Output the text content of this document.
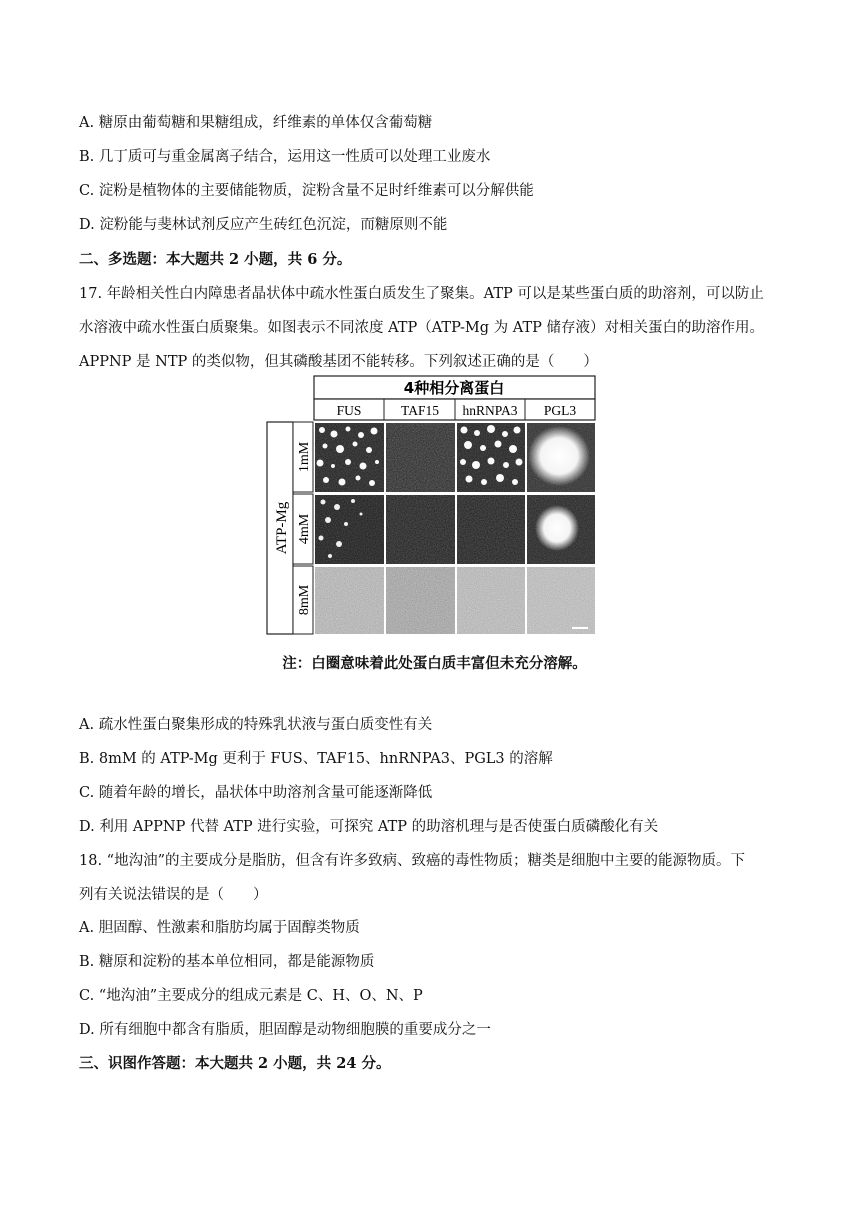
A. 糖原由葡萄糖和果糖组成，纤维素的单体仅含葡萄糖
B. 几丁质可与重金属离子结合，运用这一性质可以处理工业废水
C. 淀粉是植物体的主要储能物质，淀粉含量不足时纤维素可以分解供能
D. 淀粉能与斐林试剂反应产生砖红色沉淀，而糖原则不能
二、多选题：本大题共 2 小题，共 6 分。
17. 年龄相关性白内障患者晶状体中疏水性蛋白质发生了聚集。ATP 可以是某些蛋白质的助溶剂，可以防止
水溶液中疏水性蛋白质聚集。如图表示不同浓度 ATP（ATP-Mg 为 ATP 储存液）对相关蛋白的助溶作用。
APPNP 是 NTP 的类似物，但其磷酸基团不能转移。下列叙述正确的是（　　）
4种相分离蛋白
FUS	TAF15 hnRNPA3 PGL3
ATP-Mg
1mM
4mM
8mM
注：白圈意味着此处蛋白质丰富但未充分溶解。
A. 疏水性蛋白聚集形成的特殊乳状液与蛋白质变性有关
B. 8mM 的 ATP-Mg 更利于 FUS、TAF15、hnRNPA3、PGL3 的溶解
C. 随着年龄的增长，晶状体中助溶剂含量可能逐渐降低
D. 利用 APPNP 代替 ATP 进行实验，可探究 ATP 的助溶机理与是否使蛋白质磷酸化有关
18. “地沟油”的主要成分是脂肪，但含有许多致病、致癌的毒性物质；糖类是细胞中主要的能源物质。下
列有关说法错误的是（　　）
A. 胆固醇、性激素和脂肪均属于固醇类物质
B. 糖原和淀粉的基本单位相同，都是能源物质
C. “地沟油”主要成分的组成元素是 C、H、O、N、P
D. 所有细胞中都含有脂质，胆固醇是动物细胞膜的重要成分之一
三、识图作答题：本大题共 2 小题，共 24 分。
